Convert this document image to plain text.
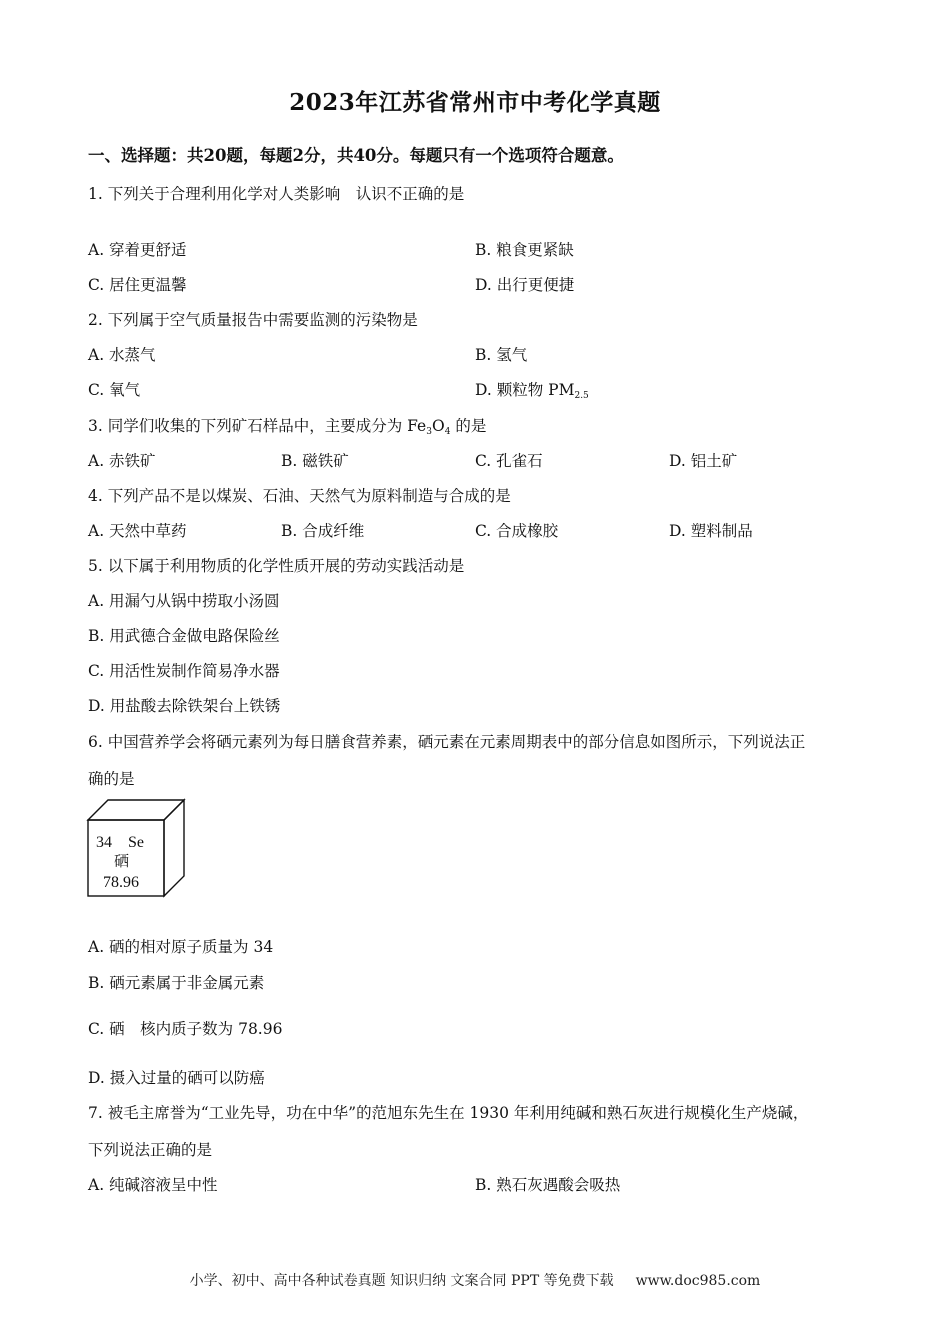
2023年江苏省常州市中考化学真题
一、选择题：共20题，每题2分，共40分。每题只有一个选项符合题意。
1. 下列关于合理利用化学对人类影响　认识不正确的是
A. 穿着更舒适	B. 粮食更紧缺
C. 居住更温馨	D. 出行更便捷
2. 下列属于空气质量报告中需要监测的污染物是
A. 水蒸气	B. 氢气
C. 氧气	D. 颗粒物 $PM_{2.5}$
3. 同学们收集的下列矿石样品中，主要成分为 $Fe_3O_4$ 的是
A. 赤铁矿	B. 磁铁矿	C. 孔雀石	D. 铝土矿
4. 下列产品不是以煤炭、石油、天然气为原料制造与合成的是
A. 天然中草药	B. 合成纤维	C. 合成橡胶	D. 塑料制品
5. 以下属于利用物质的化学性质开展的劳动实践活动是
A. 用漏勺从锅中捞取小汤圆
B. 用武德合金做电路保险丝
C. 用活性炭制作简易净水器
D. 用盐酸去除铁架台上铁锈
6. 中国营养学会将硒元素列为每日膳食营养素，硒元素在元素周期表中的部分信息如图所示，下列说法正
确的是
34 Se
硒
78.96
A. 硒的相对原子质量为 34
B. 硒元素属于非金属元素
C. 硒　核内质子数为 78.96
D. 摄入过量的硒可以防癌
7. 被毛主席誉为“工业先导，功在中华”的范旭东先生在 1930 年利用纯碱和熟石灰进行规模化生产烧碱，
下列说法正确的是
A. 纯碱溶液呈中性	B. 熟石灰遇酸会吸热
小学、初中、高中各种试卷真题 知识归纳 文案合同 PPT 等免费下载 www.doc985.com
